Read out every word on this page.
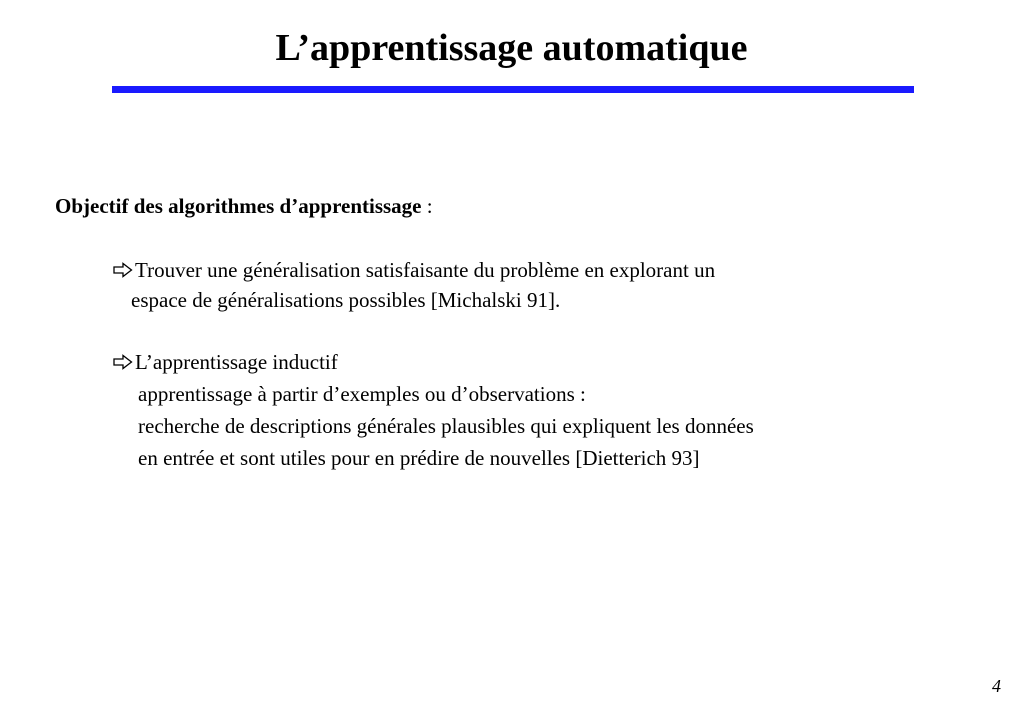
L’apprentissage automatique
Objectif des algorithmes d’apprentissage :
Trouver une généralisation satisfaisante du problème en explorant un
espace de généralisations possibles [Michalski 91].
L’apprentissage inductif
apprentissage à partir d’exemples ou d’observations :
recherche de descriptions générales plausibles qui expliquent les données
en entrée et sont utiles pour en prédire de nouvelles [Dietterich 93]
4
